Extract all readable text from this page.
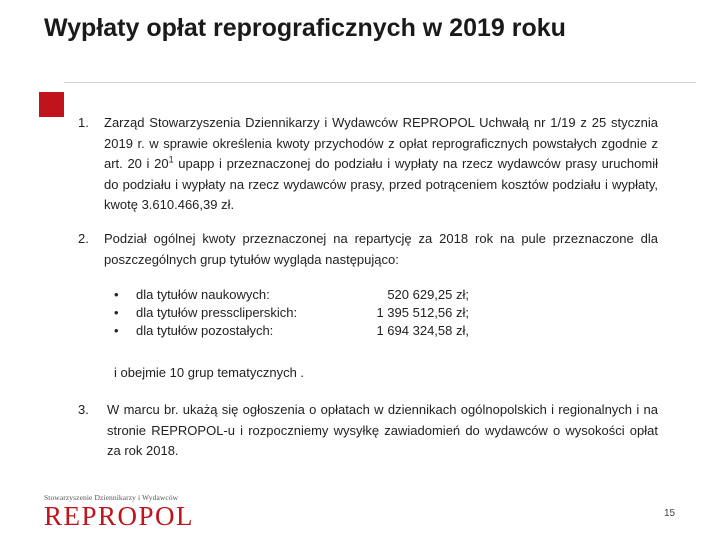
Wypłaty opłat reprograficznych w 2019 roku
1. Zarząd Stowarzyszenia Dziennikarzy i Wydawców REPROPOL Uchwałą nr 1/19 z 25 stycznia 2019 r. w sprawie określenia kwoty przychodów z opłat reprograficznych powstałych zgodnie z art. 20 i $20^1$ upapp i przeznaczonej do podziału i wypłaty na rzecz wydawców prasy uruchomił do podziału i wypłaty na rzecz wydawców prasy, przed potrąceniem kosztów podziału i wypłaty, kwotę 3.610.466,39 zł.
2. Podział ogólnej kwoty przeznaczonej na repartycję za 2018 rok na pule przeznaczone dla poszczególnych grup tytułów wygląda następująco:
• dla tytułów naukowych:	520 629,25 zł;
• dla tytułów presscliperskich:	1 395 512,56 zł;
• dla tytułów pozostałych:	1 694 324,58 zł,
i obejmie 10 grup tematycznych .
3. W marcu br. ukażą się ogłoszenia o opłatach w dziennikach ogólnopolskich i regionalnych i na stronie REPROPOL-u i rozpoczniemy wysyłkę zawiadomień do wydawców o wysokości opłat za rok 2018.
Stowarzyszenie Dziennikarzy i Wydawców
REPROPOL	15
